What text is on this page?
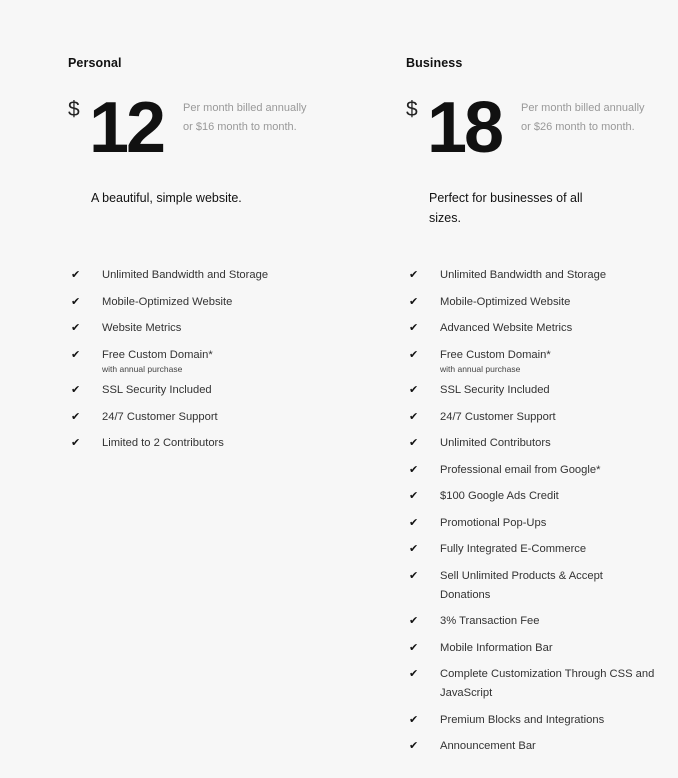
Personal
$ 12 Per month billed annually or $16 month to month.
A beautiful, simple website.
✔ Unlimited Bandwidth and Storage
✔ Mobile-Optimized Website
✔ Website Metrics
✔ Free Custom Domain*
with annual purchase
✔ SSL Security Included
✔ 24/7 Customer Support
✔ Limited to 2 Contributors
Business
$ 18 Per month billed annually or $26 month to month.
Perfect for businesses of all sizes.
✔ Unlimited Bandwidth and Storage
✔ Mobile-Optimized Website
✔ Advanced Website Metrics
✔ Free Custom Domain*
with annual purchase
✔ SSL Security Included
✔ 24/7 Customer Support
✔ Unlimited Contributors
✔ Professional email from Google*
✔ $100 Google Ads Credit
✔ Promotional Pop-Ups
✔ Fully Integrated E-Commerce
✔ Sell Unlimited Products & Accept Donations
✔ 3% Transaction Fee
✔ Mobile Information Bar
✔ Complete Customization Through CSS and JavaScript
✔ Premium Blocks and Integrations
✔ Announcement Bar
